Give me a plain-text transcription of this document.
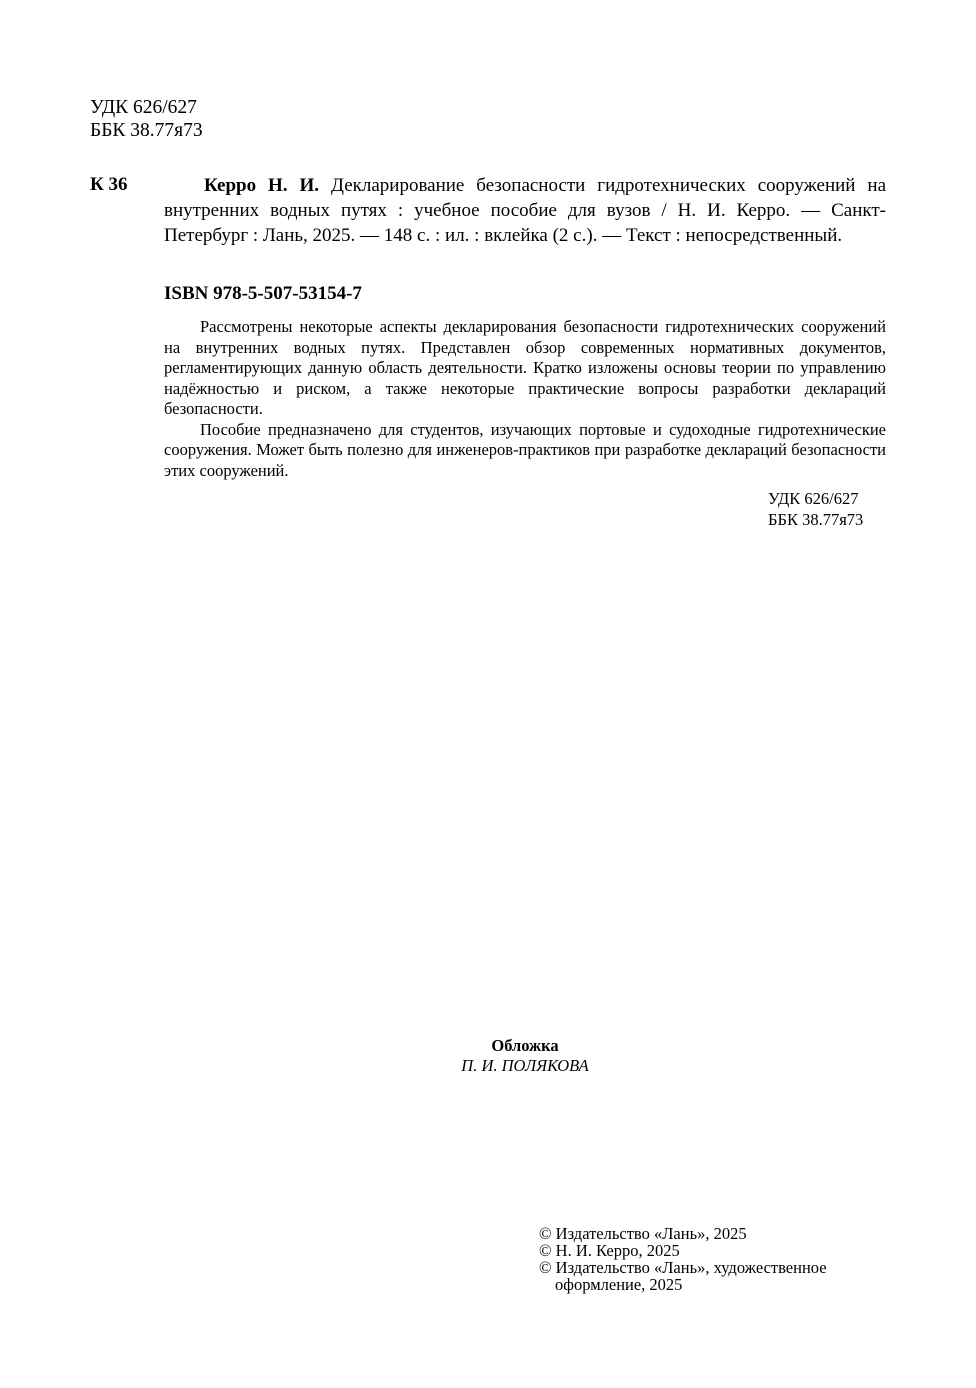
УДК 626/627
ББК 38.77я73
К 36	Керро Н. И. Декларирование безопасности гидротехнических сооружений на внутренних водных путях : учебное пособие для вузов / Н. И. Керро. — Санкт-Петербург : Лань, 2025. — 148 с. : ил. : вклейка (2 с.). — Текст : непосредственный.
ISBN 978-5-507-53154-7

Рассмотрены некоторые аспекты декларирования безопасности гидротехнических сооружений на внутренних водных путях. Представлен обзор современных нормативных документов, регламентирующих данную область деятельности. Кратко изложены основы теории по управлению надёжностью и риском, а также некоторые практические вопросы разработки деклараций безопасности.

Пособие предназначено для студентов, изучающих портовые и судоходные гидротехнические сооружения. Может быть полезно для инженеров-практиков при разработке деклараций безопасности этих сооружений.

УДК 626/627
ББК 38.77я73
Обложка
П. И. ПОЛЯКОВА
© Издательство «Лань», 2025
© Н. И. Керро, 2025
© Издательство «Лань», художественное
оформление, 2025
